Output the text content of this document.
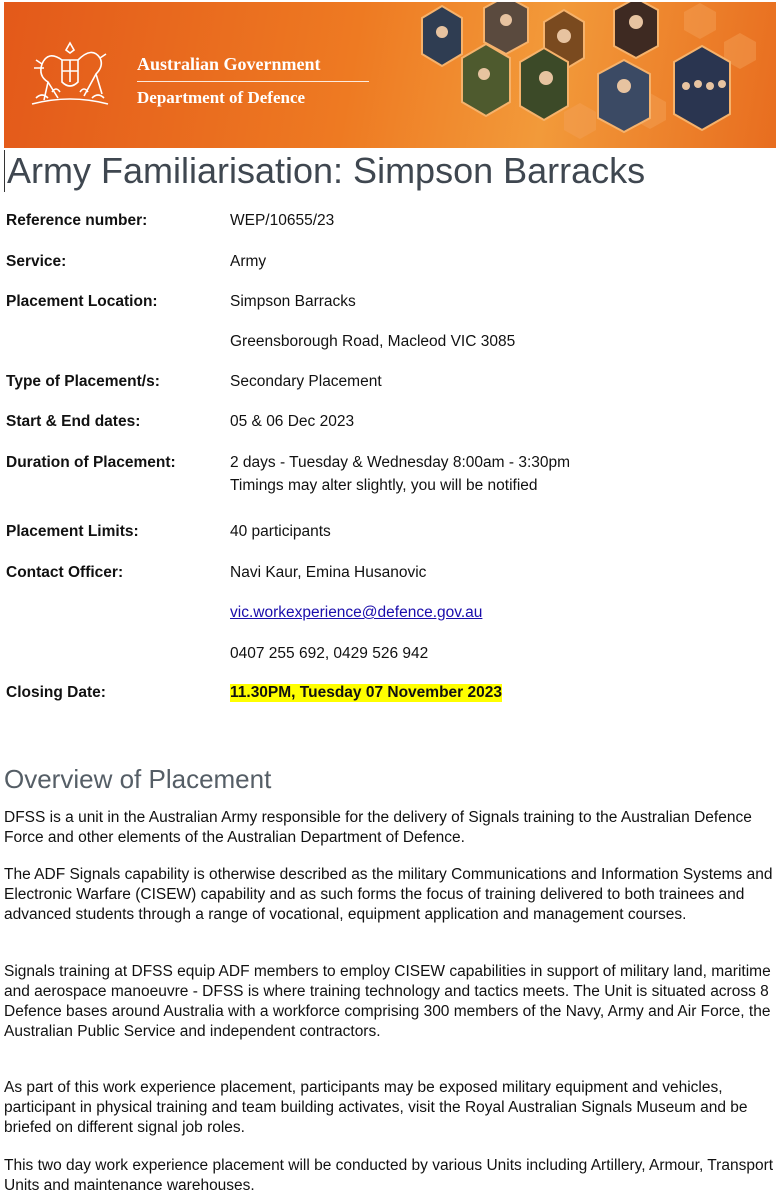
Australian Government
Department of Defence
Army Familiarisation: Simpson Barracks
Reference number:	WEP/10655/23
Service:	Army
Placement Location:	Simpson Barracks
Greensborough Road, Macleod VIC 3085
Type of Placement/s:	Secondary Placement
Start & End dates:	05 & 06 Dec 2023
Duration of Placement:	2 days - Tuesday & Wednesday 8:00am - 3:30pm
Timings may alter slightly, you will be notified
Placement Limits:	40 participants
Contact Officer:	Navi Kaur, Emina Husanovic
vic.workexperience@defence.gov.au
0407 255 692, 0429 526 942
Closing Date:	11.30PM, Tuesday 07 November 2023
Overview of Placement

DFSS is a unit in the Australian Army responsible for the delivery of Signals training to the Australian Defence Force and other elements of the Australian Department of Defence.

The ADF Signals capability is otherwise described as the military Communications and Information Systems and Electronic Warfare (CISEW) capability and as such forms the focus of training delivered to both trainees and advanced students through a range of vocational, equipment application and management courses.

Signals training at DFSS equip ADF members to employ CISEW capabilities in support of military land, maritime and aerospace manoeuvre - DFSS is where training technology and tactics meets. The Unit is situated across 8 Defence bases around Australia with a workforce comprising 300 members of the Navy, Army and Air Force, the Australian Public Service and independent contractors.

As part of this work experience placement, participants may be exposed military equipment and vehicles, participant in physical training and team building activates, visit the Royal Australian Signals Museum and be briefed on different signal job roles.

This two day work experience placement will be conducted by various Units including Artillery, Armour, Transport Units and maintenance warehouses.
